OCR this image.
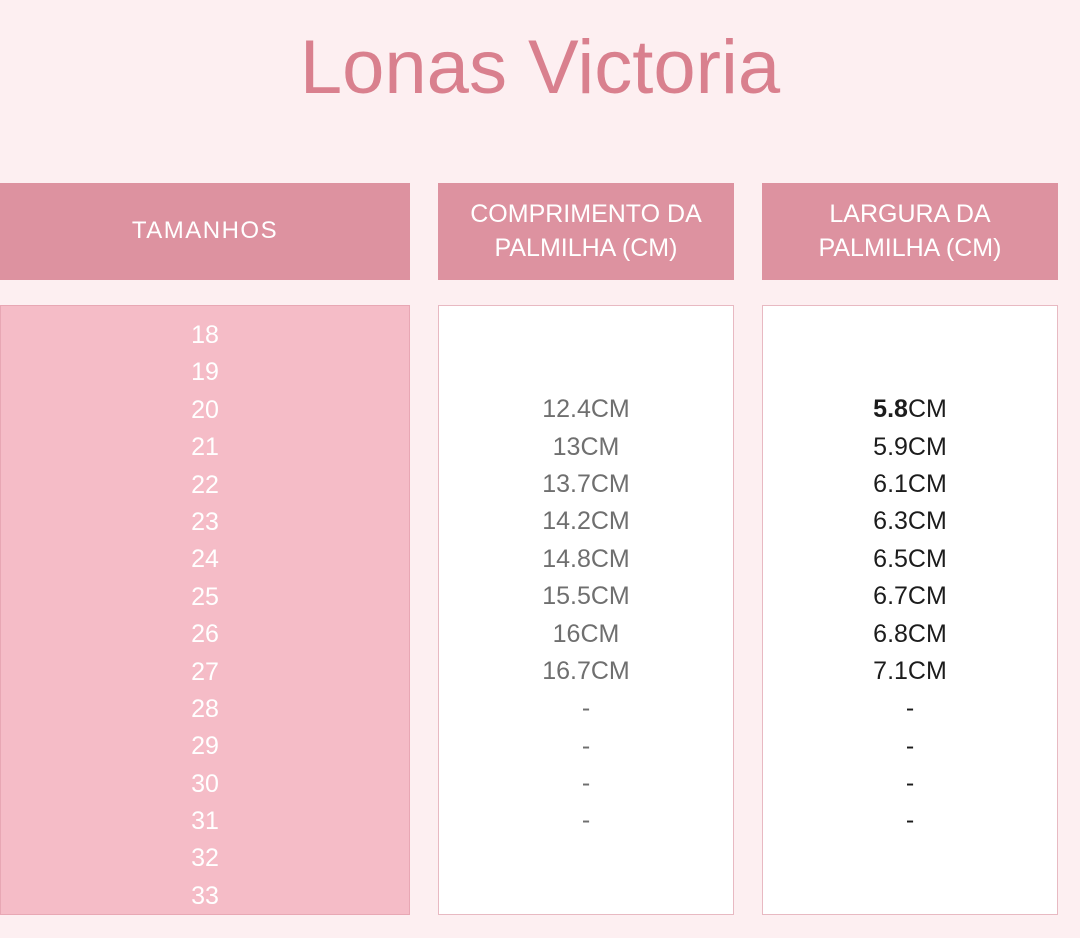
Lonas Victoria
TAMANHOS
COMPRIMENTO DA PALMILHA (CM)
LARGURA DA PALMILHA (CM)
18
19
20
21
22
23
24
25
26
27
28
29
30
31
32
33
12.4CM
13CM
13.7CM
14.2CM
14.8CM
15.5CM
16CM
16.7CM
-
-
-
-
5.8CM
5.9CM
6.1CM
6.3CM
6.5CM
6.7CM
6.8CM
7.1CM
-
-
-
-
